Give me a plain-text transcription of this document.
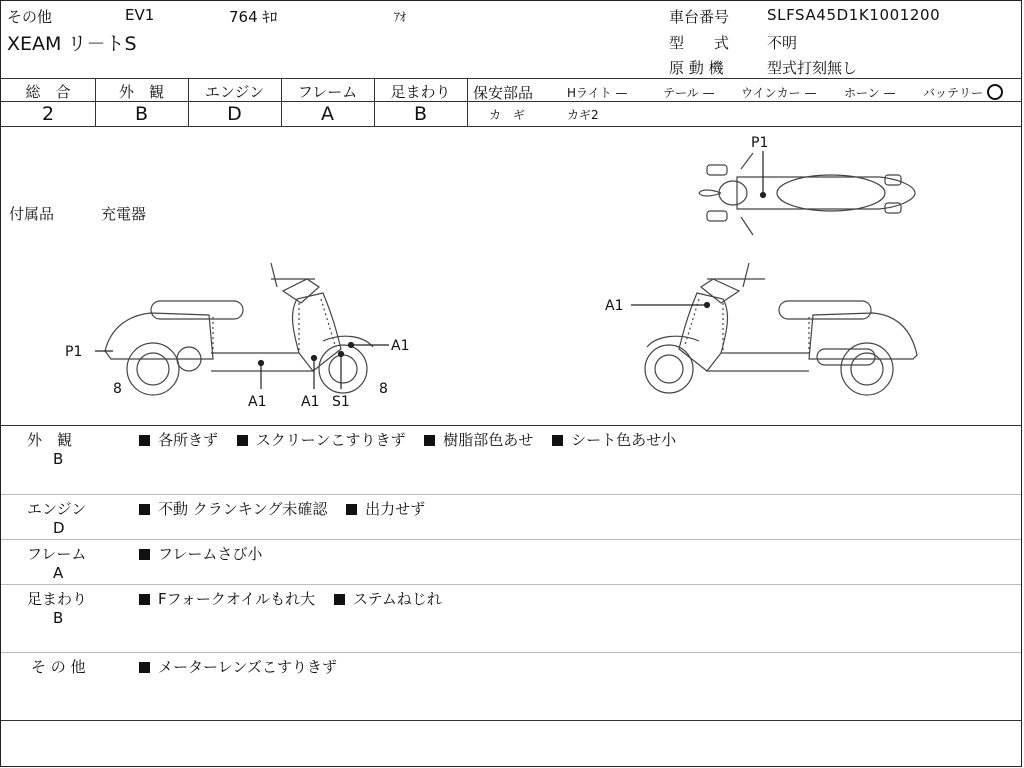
その他	EV1	764 ｷﾛ	ｱｵ
XEAM リ－トS
車台番号	SLFSA45D1K1001200
型　　式	不明
原 動 機	型式打刻無し
総　合
2
外　観
B
エンジン
D
フレーム
A
足まわり
B
保安部品	Hライト —	テール — ウインカー — ホーン — バッテリー
カ　ギ	カギ2
付属品	充電器
P1
P1
8	8
A1 A1 S1
A1
A1
外　観
B
各所きず	スクリーンこすりきず	樹脂部色あせ	シート色あせ小
エンジン
D
不動 クランキング未確認	出力せず
フレーム
A
フレームさび小
足まわり
B
Fフォークオイルもれ大	ステムねじれ
そ の 他	メーターレンズこすりきず
